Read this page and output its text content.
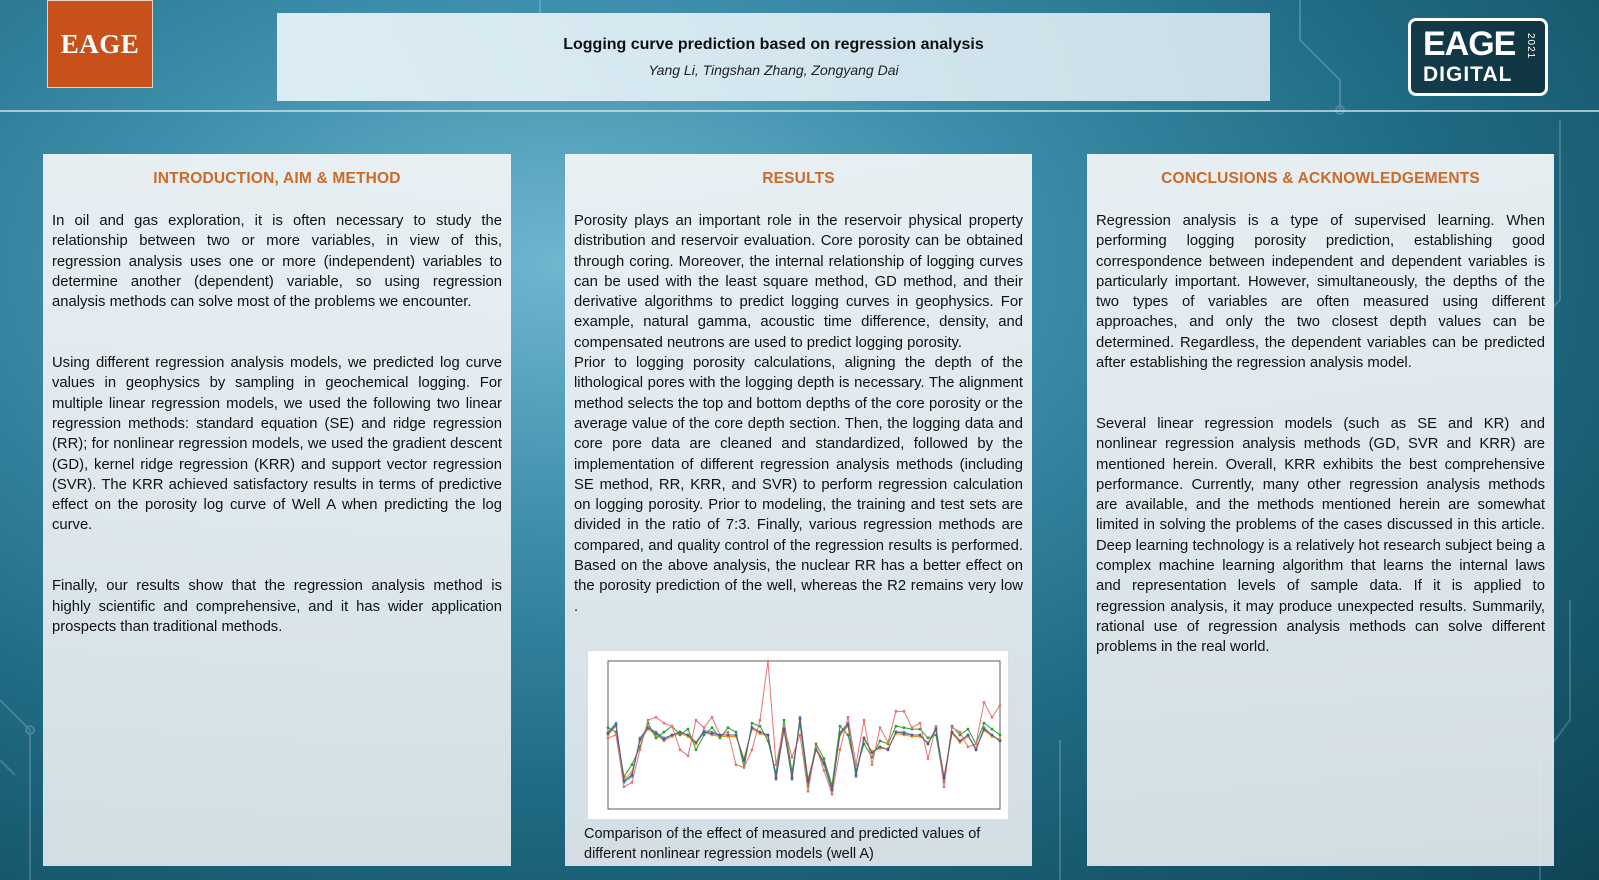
EAGE	Logging curve prediction based on regression analysis
Yang Li, Tingshan Zhang, Zongyang Dai
EAGE
DIGITAL
2021
INTRODUCTION, AIM & METHOD

In oil and gas exploration, it is often necessary to study the relationship between two or more variables, in view of this, regression analysis uses one or more (independent) variables to determine another (dependent) variable, so using regression analysis methods can solve most of the problems we encounter.

Using different regression analysis models, we predicted log curve values in geophysics by sampling in geochemical logging. For multiple linear regression models, we used the following two linear regression methods: standard equation (SE) and ridge regression (RR); for nonlinear regression models, we used the gradient descent (GD), kernel ridge regression (KRR) and support vector regression (SVR). The KRR achieved satisfactory results in terms of predictive effect on the porosity log curve of Well A when predicting the log curve.

Finally, our results show that the regression analysis method is highly scientific and comprehensive, and it has wider application prospects than traditional methods.

RESULTS

Porosity plays an important role in the reservoir physical property distribution and reservoir evaluation. Core porosity can be obtained through coring. Moreover, the internal relationship of logging curves can be used with the least square method, GD method, and their derivative algorithms to predict logging curves in geophysics. For example, natural gamma, acoustic time difference, density, and compensated neutrons are used to predict logging porosity.

Prior to logging porosity calculations, aligning the depth of the lithological pores with the logging depth is necessary. The alignment method selects the top and bottom depths of the core porosity or the average value of the core depth section. Then, the logging data and core pore data are cleaned and standardized, followed by the implementation of different regression analysis methods (including SE method, RR, KRR, and SVR) to perform regression calculation on logging porosity. Prior to modeling, the training and test sets are divided in the ratio of 7:3. Finally, various regression methods are compared, and quality control of the regression results is performed. Based on the above analysis, the nuclear RR has a better effect on the porosity prediction of the well, whereas the R2 remains very low .

Comparison of the effect of measured and predicted values of different nonlinear regression models (well A)
CONCLUSIONS & ACKNOWLEDGEMENTS

Regression analysis is a type of supervised learning. When performing logging porosity prediction, establishing good correspondence between independent and dependent variables is particularly important. However, simultaneously, the depths of the two types of variables are often measured using different approaches, and only the two closest depth values can be determined. Regardless, the dependent variables can be predicted after establishing the regression analysis model.

Several linear regression models (such as SE and KR) and nonlinear regression analysis methods (GD, SVR and KRR) are mentioned herein. Overall, KRR exhibits the best comprehensive performance. Currently, many other regression analysis methods are available, and the methods mentioned herein are somewhat limited in solving the problems of the cases discussed in this article. Deep learning technology is a relatively hot research subject being a complex machine learning algorithm that learns the internal laws and representation levels of sample data. If it is applied to regression analysis, it may produce unexpected results. Summarily, rational use of regression analysis methods can solve different problems in the real world.
